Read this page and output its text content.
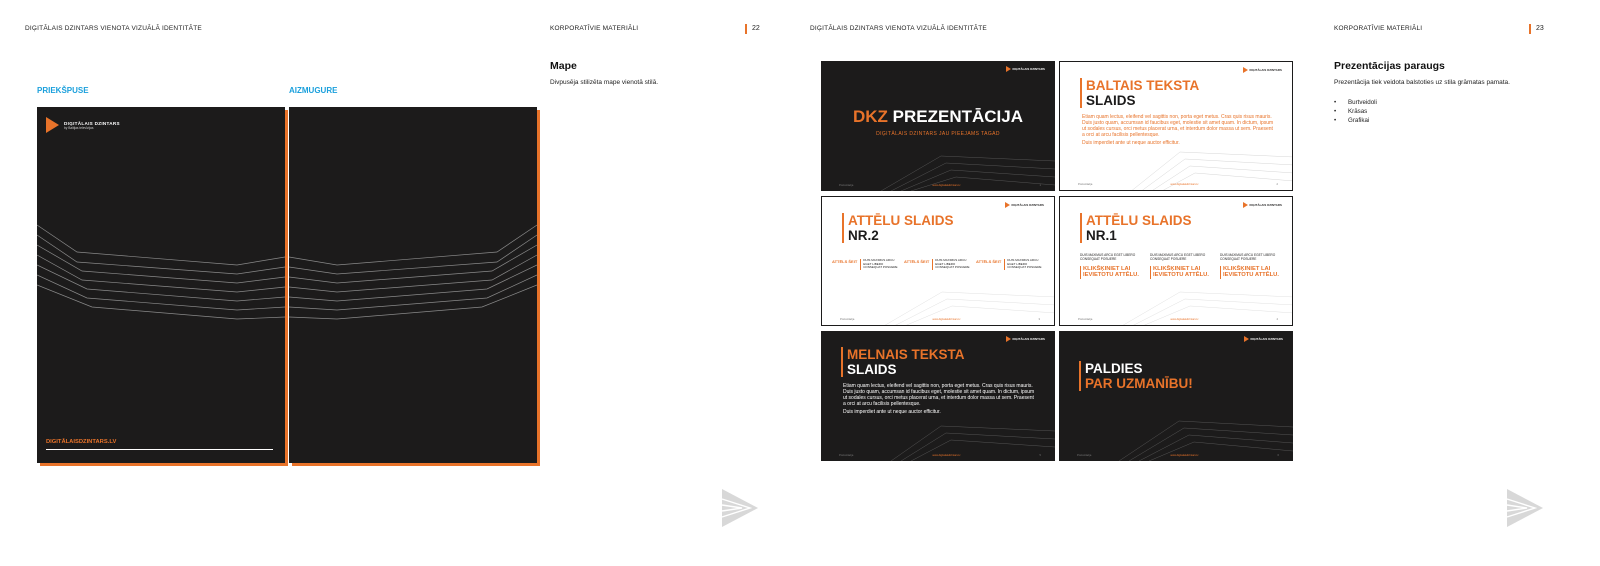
DIĢITĀLAIS DZINTARS VIENOTA VIZUĀLĀ IDENTITĀTE	KORPORATĪVIE MATERIĀLI	22
PRIEKŠPUSE	AIZMUGURE
DIĢITĀLAIS DZINTARS
by Baltijas televīzijas
DIGITĀLAISDZINTARS.LV
Mape
Divpusēja stilizēta mape vienotā stilā.
DIĢITĀLAIS DZINTARS VIENOTA VIZUĀLĀ IDENTITĀTE	KORPORATĪVIE MATERIĀLI	23
DIĢITĀLAIS DZINTARS
DKZ PREZENTĀCIJA
DIĢITĀLAIS DZINTARS JAU PIEEJAMS TAGAD
Prezentācija	www.digitalaisdzintars.lv	1
DIĢITĀLAIS DZINTARS
BALTAIS TEKSTA
SLAIDS

Etiam quam lectus, eleifend vel sagittis non, porta eget metus. Cras quis risus mauris. Duis justo quam, accumsan id faucibus eget, molestie sit amet quam. In dictum, ipsum ut sodales cursus, orci metus placerat urna, et interdum dolor massa ut sem. Praesent a orci at arcu facilisis pellentesque.

Duis imperdiet ante ut neque auctor efficitur.

Prezentācija	www.digitalaisdzintars.lv	2
DIĢITĀLAIS DZINTARS
ATTĒLU SLAIDS
NR.2
ATTĒLS ŠEIT	DUIS MAXIMUS ARCU EGET LIBERO CONSEQUAT POSUERE
ATTĒLS ŠEIT	DUIS MAXIMUS ARCU EGET LIBERO CONSEQUAT POSUERE
ATTĒLS ŠEIT	DUIS MAXIMUS ARCU EGET LIBERO CONSEQUAT POSUERE
Prezentācija	www.digitalaisdzintars.lv	3
DIĢITĀLAIS DZINTARS
ATTĒLU SLAIDS
NR.1
DUIS MAXIMUS ARCU EGET LIBERO CONSEQUAT POSUERE
KLIKŠĶINIET LAI IEVIETOTU ATTĒLU.
DUIS MAXIMUS ARCU EGET LIBERO CONSEQUAT POSUERE
KLIKŠĶINIET LAI IEVIETOTU ATTĒLU.
DUIS MAXIMUS ARCU EGET LIBERO CONSEQUAT POSUERE
KLIKŠĶINIET LAI IEVIETOTU ATTĒLU.
Prezentācija	www.digitalaisdzintars.lv	4
DIĢITĀLAIS DZINTARS
MELNAIS TEKSTA
SLAIDS

Etiam quam lectus, eleifend vel sagittis non, porta eget metus. Cras quis risus mauris. Duis justo quam, accumsan id faucibus eget, molestie sit amet quam. In dictum, ipsum ut sodales cursus, orci metus placerat urna, et interdum dolor massa ut sem. Praesent a orci at arcu facilisis pellentesque.

Duis imperdiet ante ut neque auctor efficitur.

Prezentācija	www.digitalaisdzintars.lv	5
DIĢITĀLAIS DZINTARS
PALDIES
PAR UZMANĪBU!
Prezentācija	www.digitalaisdzintars.lv	6
Prezentācijas paraugs
Prezentācija tiek veidota balstoties uz stila grāmatas pamata.
• Burtveidoli
• Krāsas
• Grafikai
